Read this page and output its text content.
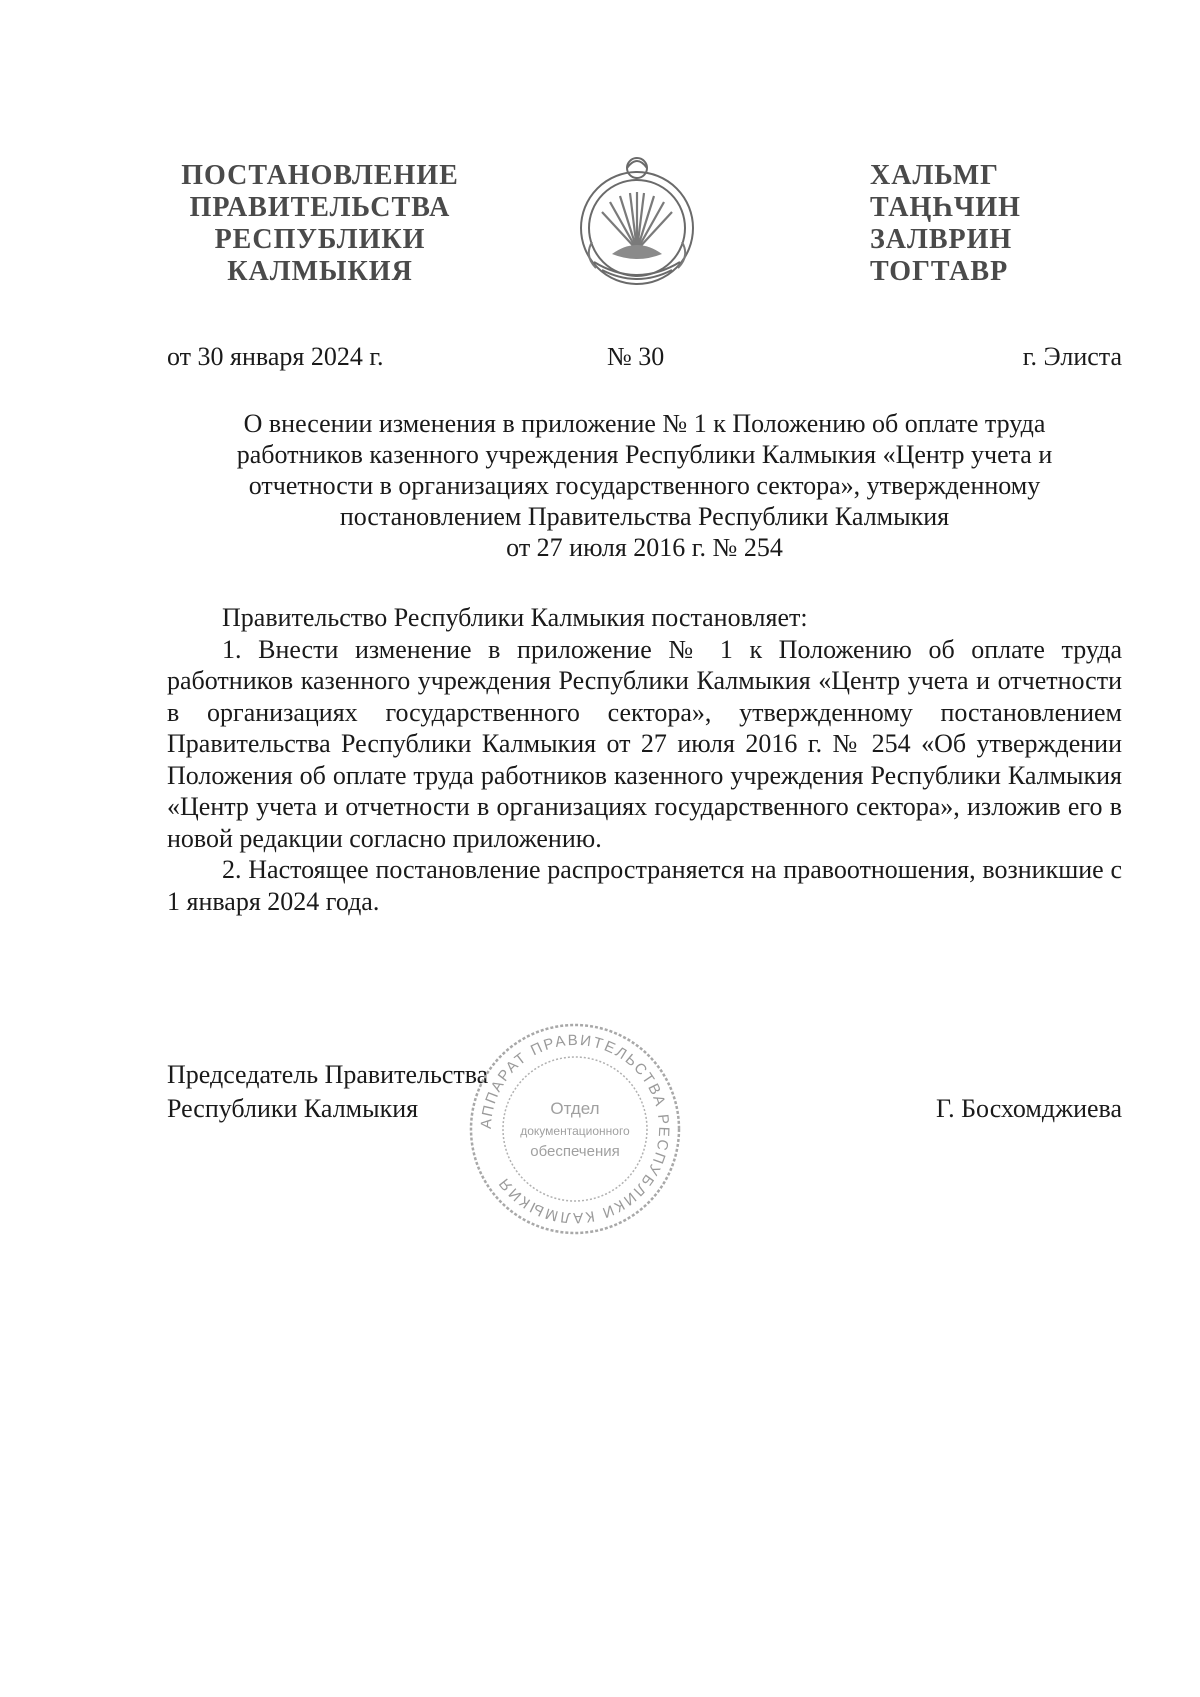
ПОСТАНОВЛЕНИЕ
ПРАВИТЕЛЬСТВА
РЕСПУБЛИКИ
КАЛМЫКИЯ
ХАЛЬМГ
ТАҢҺЧИН
ЗАЛВРИН
ТОГТАВР
от 30 января 2024 г.	№ 30	г. Элиста
О внесении изменения в приложение № 1 к Положению об оплате труда
работников казенного учреждения Республики Калмыкия «Центр учета и
отчетности в организациях государственного сектора», утвержденному
постановлением Правительства Республики Калмыкия
от 27 июля 2016 г. № 254

Правительство Республики Калмыкия постановляет:

1. Внести изменение в приложение № 1 к Положению об оплате труда работников казенного учреждения Республики Калмыкия «Центр учета и отчетности в организациях государственного сектора», утвержденному постановлением Правительства Республики Калмыкия от 27 июля 2016 г. № 254 «Об утверждении Положения об оплате труда работников казенного учреждения Республики Калмыкия «Центр учета и отчетности в организациях государственного сектора», изложив его в новой редакции согласно приложению.

2. Настоящее постановление распространяется на правоотношения, возникшие с 1 января 2024 года.

Председатель Правительства
Республики Калмыкия	Г. Босхомджиева
АППАРАТ ПРАВИТЕЛЬСТВА РЕСПУБЛИКИ КАЛМЫКИЯ
Отдел
документационного
обеспечения
